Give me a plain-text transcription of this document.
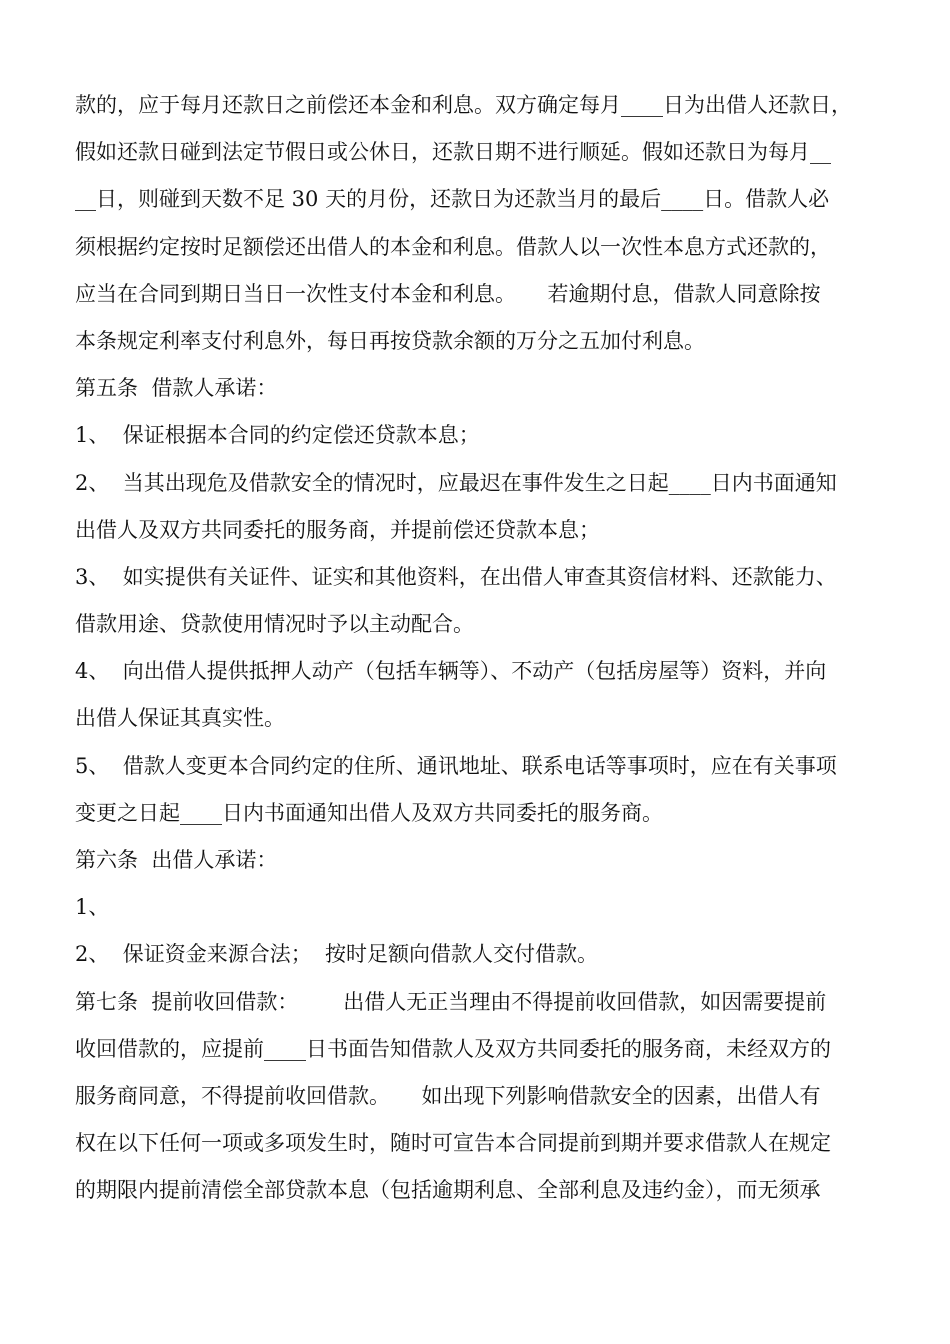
款的，应于每月还款日之前偿还本金和利息。双方确定每月____日为出借人还款日，
假如还款日碰到法定节假日或公休日，还款日期不进行顺延。假如还款日为每月__
__日，则碰到天数不足 30 天的月份，还款日为还款当月的最后____日。借款人必
须根据约定按时足额偿还出借人的本金和利息。借款人以一次性本息方式还款的，
应当在合同到期日当日一次性支付本金和利息。　　若逾期付息，借款人同意除按
本条规定利率支付利息外，每日再按贷款余额的万分之五加付利息。
第五条  借款人承诺：
1、  保证根据本合同的约定偿还贷款本息；
2、  当其出现危及借款安全的情况时，应最迟在事件发生之日起____日内书面通知
出借人及双方共同委托的服务商，并提前偿还贷款本息；
3、  如实提供有关证件、证实和其他资料，在出借人审查其资信材料、还款能力、
借款用途、贷款使用情况时予以主动配合。
4、  向出借人提供抵押人动产（包括车辆等）、不动产（包括房屋等）资料，并向
出借人保证其真实性。
5、  借款人变更本合同约定的住所、通讯地址、联系电话等事项时，应在有关事项
变更之日起____日内书面通知出借人及双方共同委托的服务商。
第六条  出借人承诺：
1、
2、  保证资金来源合法；  按时足额向借款人交付借款。
第七条  提前收回借款：　　  出借人无正当理由不得提前收回借款，如因需要提前
收回借款的，应提前____日书面告知借款人及双方共同委托的服务商，未经双方的
服务商同意，不得提前收回借款。　　如出现下列影响借款安全的因素，出借人有
权在以下任何一项或多项发生时，随时可宣告本合同提前到期并要求借款人在规定
的期限内提前清偿全部贷款本息（包括逾期利息、全部利息及违约金），而无须承
